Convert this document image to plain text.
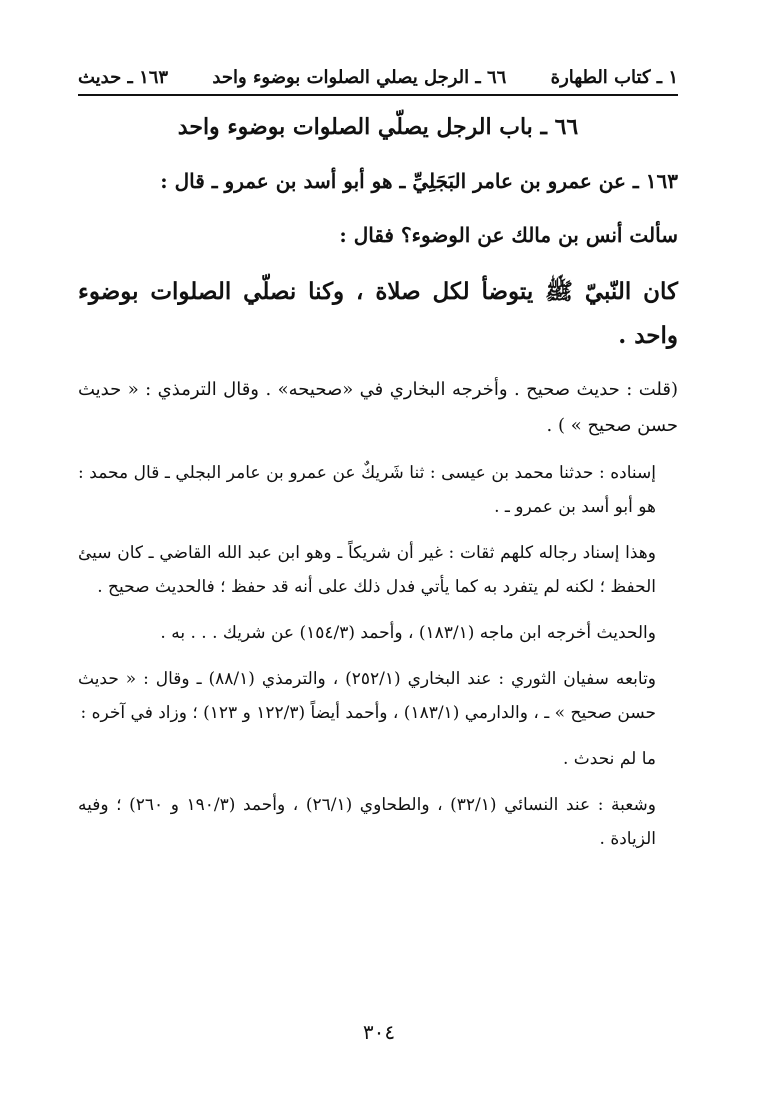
١ ـ كتاب الطهارة
٦٦ ـ الرجل يصلي الصلوات بوضوء واحد
١٦٣ ـ حديث
٦٦ ـ باب الرجل يصلّي الصلوات بوضوء واحد

١٦٣ ـ عن عمرو بن عامر البَجَلِيِّ ـ هو أبو أسد بن عمرو ـ قال :

سألت أنس بن مالك عن الوضوء؟ فقال :

كان النّبيّ ﷺ يتوضأ لكل صلاة ، وكنا نصلّي الصلوات بوضوء واحد .

(قلت : حديث صحيح . وأخرجه البخاري في «صحيحه» . وقال الترمذي : « حديث حسن صحيح » ) .

إسناده : حدثنا محمد بن عيسى : ثنا شَريكٌ عن عمرو بن عامر البجلي ـ قال محمد : هو أبو أسد بن عمرو ـ .

وهذا إسناد رجاله كلهم ثقات : غير أن شريكاً ـ وهو ابن عبد الله القاضي ـ كان سيئ الحفظ ؛ لكنه لم يتفرد به كما يأتي فدل ذلك على أنه قد حفظ ؛ فالحديث صحيح .

والحديث أخرجه ابن ماجه (١٨٣/١) ، وأحمد (١٥٤/٣) عن شريك . . . به .

وتابعه سفيان الثوري : عند البخاري (٢٥٢/١) ، والترمذي (٨٨/١) ـ وقال : « حديث حسن صحيح » ـ ، والدارمي (١٨٣/١) ، وأحمد أيضاً (١٢٢/٣ و ١٢٣) ؛ وزاد في آخره :

ما لم نحدث .

وشعبة : عند النسائي (٣٢/١) ، والطحاوي (٢٦/١) ، وأحمد (١٩٠/٣ و ٢٦٠) ؛ وفيه الزيادة .

٣٠٤
